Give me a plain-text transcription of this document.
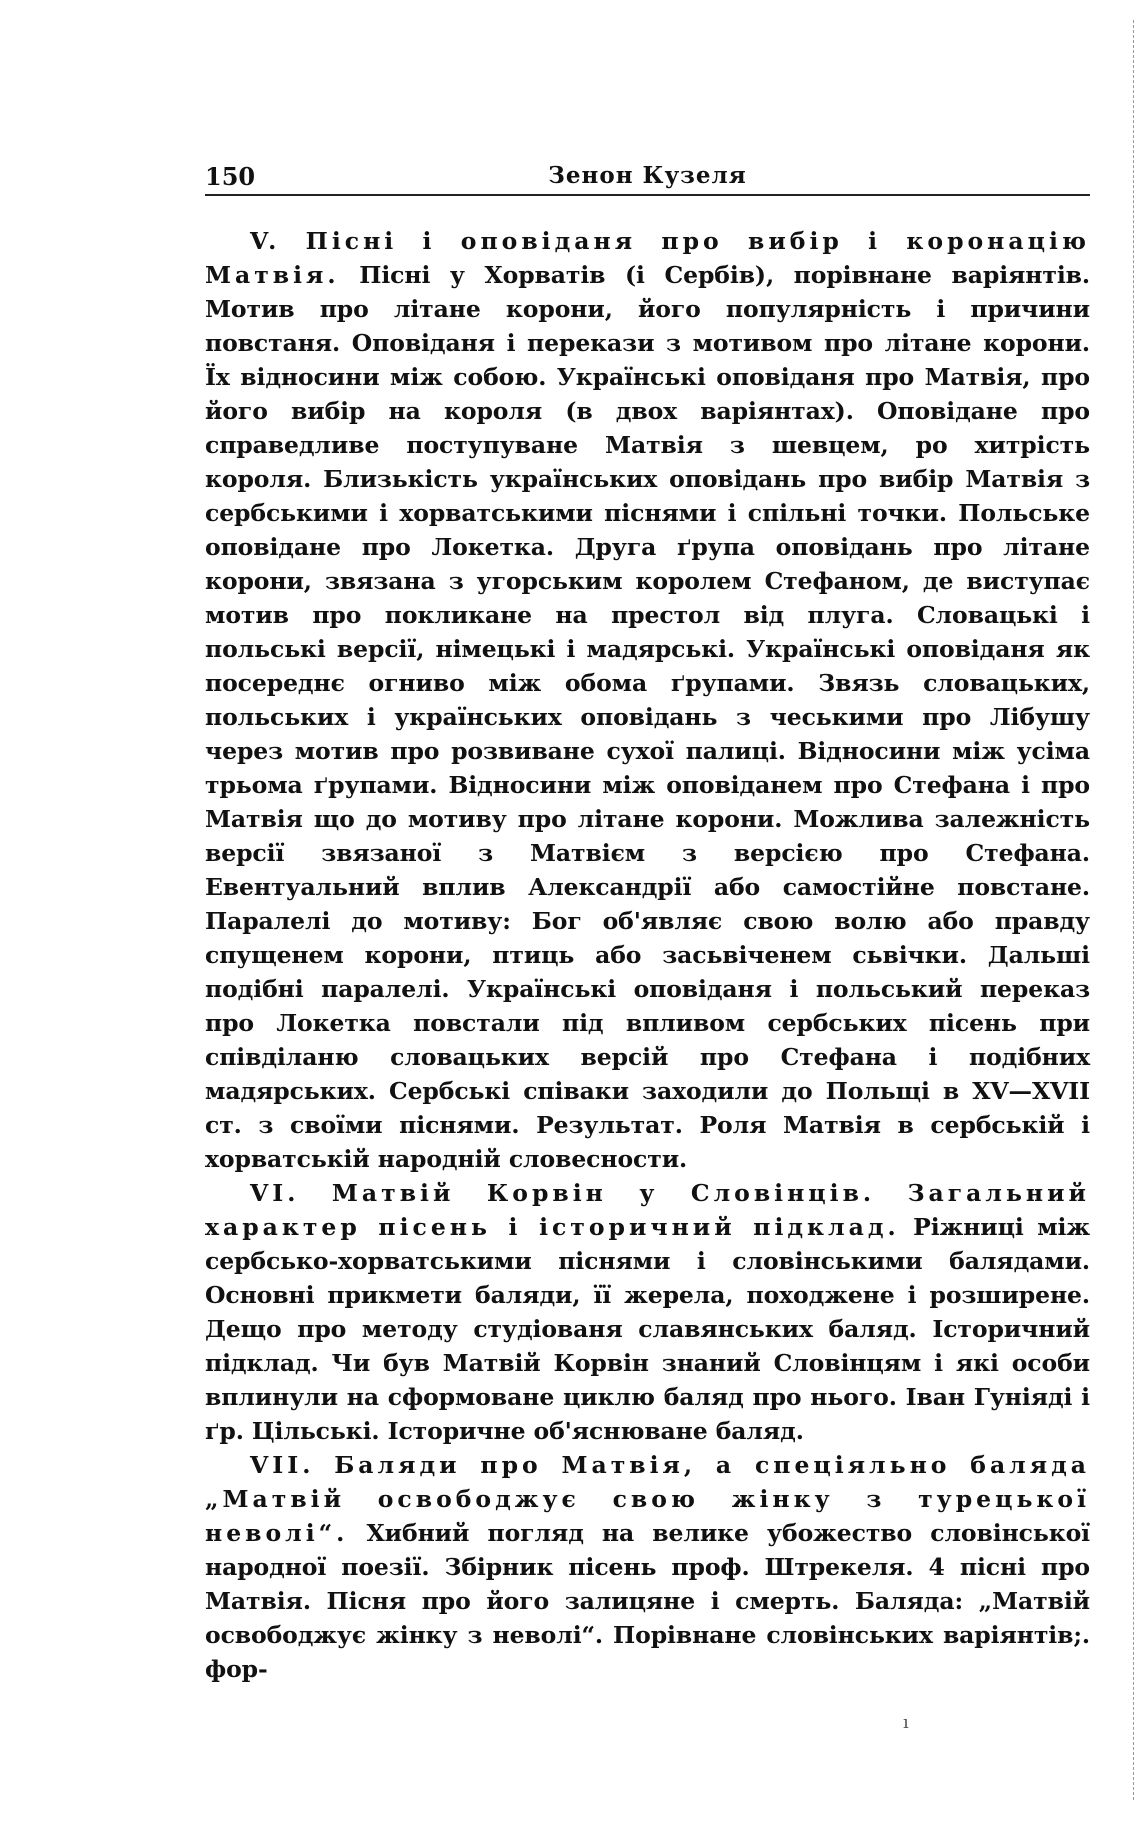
150	Зенон Кузеля

V. Пісні і оповіданя про вибір і коронацію Матвія. Пісні у Хорватів (і Сербів), порівнане варіянтів. Мотив про літане корони, його популярність і причини повстаня. Оповіданя і перекази з мотивом про літане корони. Їх відносини між собою. Українські оповіданя про Матвія, про його вибір на короля (в двох варіянтах). Оповідане про справедливе поступуване Матвія з шевцем, ро хитрість короля. Близькість українських оповідань про вибір Матвія з сербськими і хорватськими піснями і спільні точки. Польське оповідане про Локетка. Друга ґрупа оповідань про літане корони, звязана з угорським королем Стефаном, де виступає мотив про покликане на престол від плуга. Словацькі і польські версії, німецькі і мадярські. Українські оповіданя як посереднє огниво між обома ґрупами. Звязь словацьких, польських і українських оповідань з чеськими про Лібушу через мотив про розвиване сухої палиці. Відносини між усіма трьома ґрупами. Відносини між оповіданем про Стефана і про Матвія що до мотиву про літане корони. Можлива залежність версії звязаної з Матвієм з версією про Стефана. Евентуальний вплив Александрії або самостійне повстане. Паралелі до мотиву: Бог об'являє свою волю або правду спущенем корони, птиць або засьвіченем сьвічки. Дальші подібні паралелі. Українські оповіданя і польський переказ про Локетка повстали під впливом сербських пісень при співділаню словацьких версій про Стефана і подібних мадярських. Сербські співаки заходили до Польщі в XV—XVII ст. з своїми піснями. Результат. Роля Матвія в сербській і хорватській народній словесности.

VI. Матвій Корвін у Словінців. Загальний характер пісень і історичний підклад. Ріжниці між сербсько-хорватськими піснями і словінськими балядами. Основні прикмети баляди, її жерела, походжене і розширене. Дещо про методу студіованя славянських баляд. Історичний підклад. Чи був Матвій Корвін знаний Словінцям і які особи вплинули на сформоване циклю баляд про нього. Іван Гуніяді і ґр. Цільські. Історичне об'яснюване баляд.

VII. Баляди про Матвія, а спеціяльно баляда „Матвій освободжує свою жінку з турецької неволі“. Хибний погляд на велике убожество словінської народної поезії. Збірник пісень проф. Штрекеля. 4 пісні про Матвія. Пісня про його залицяне і смерть. Баляда: „Матвій освободжує жінку з неволі“. Порівнане словінських варіянтів;. фор-

ı
